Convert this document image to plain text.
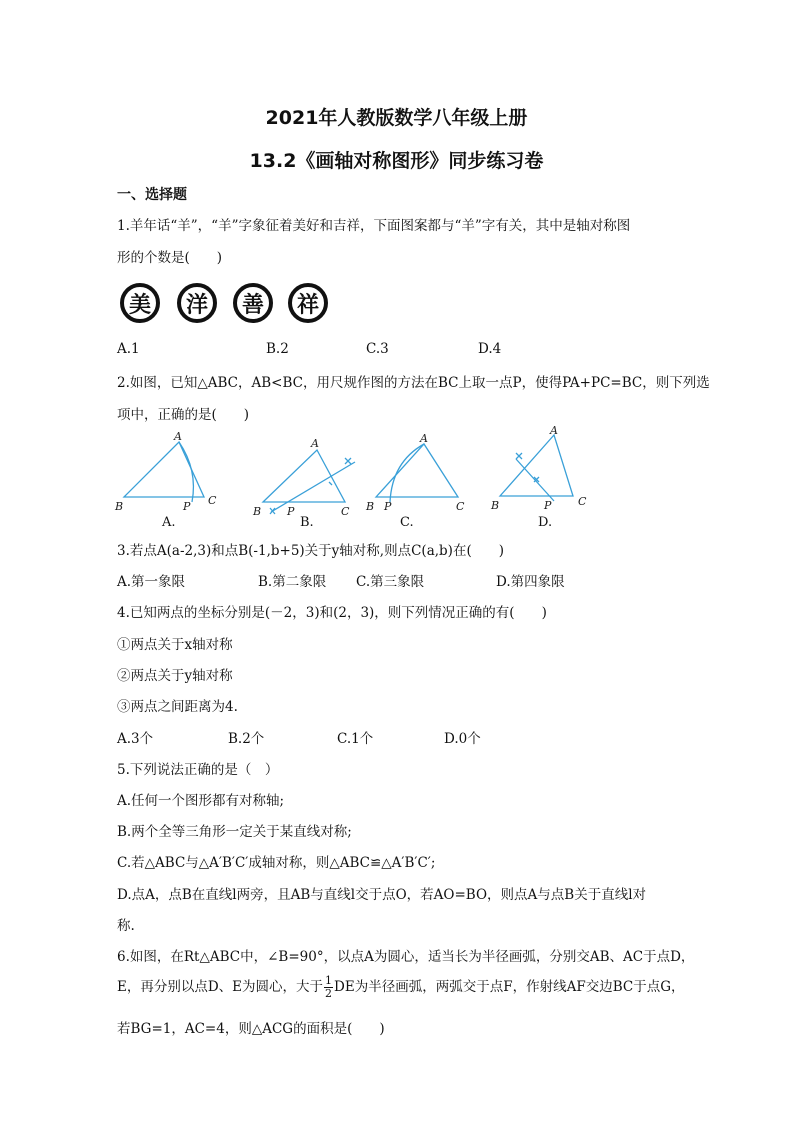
2021年人教版数学八年级上册
13.2《画轴对称图形》同步练习卷
一、选择题
1.羊年话“羊”，“羊”字象征着美好和吉祥，下面图案都与“羊”字有关，其中是轴对称图
形的个数是(　　)
美	洋	善	祥
A.1	B.2	C.3	D.4
2.如图，已知△ABC，AB<BC，用尺规作图的方法在BC上取一点P，使得PA+PC=BC，则下列选
项中，正确的是(　　)
A
B	P C
A.
A
B P	C
B.
A
B P	C
C.
A
B	P C
D.
3.若点A(a-2,3)和点B(-1,b+5)关于y轴对称,则点C(a,b)在(　　)
A.第一象限	B.第二象限 C.第三象限	D.第四象限
4.已知两点的坐标分别是(－2，3)和(2，3)，则下列情况正确的有(　　)
①两点关于x轴对称
②两点关于y轴对称
③两点之间距离为4.
A.3个	B.2个	C.1个	D.0个
5.下列说法正确的是（　）
A.任何一个图形都有对称轴;
B.两个全等三角形一定关于某直线对称;
C.若△ABC与△A′B′C′成轴对称，则△ABC≌△A′B′C′;
D.点A，点B在直线l两旁，且AB与直线l交于点O，若AO=BO，则点A与点B关于直线l对
称.
6.如图，在Rt△ABC中，∠B=90°，以点A为圆心，适当长为半径画弧，分别交AB、AC于点D，
E，再分别以点D、E为圆心，大于 $\frac{1}{2}$ DE为半径画弧，两弧交于点F，作射线AF交边BC于点G，
若BG=1，AC=4，则△ACG的面积是(　　)
